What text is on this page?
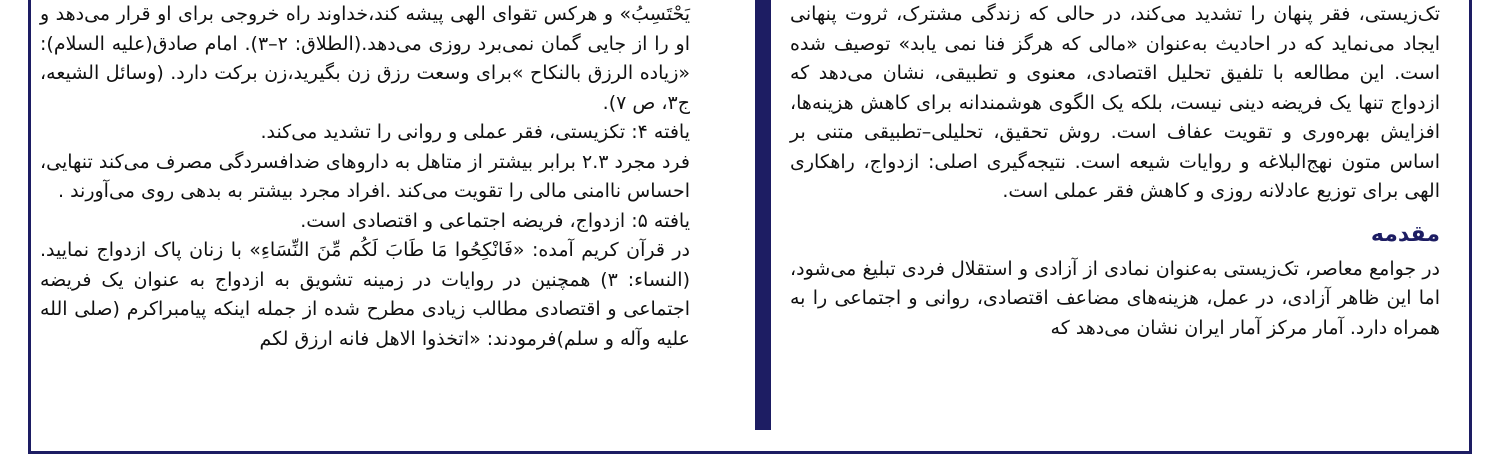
يَحْتَسِبُ» و هرکس تقوای الهی پیشه کند،خداوند راه خروجی برای او قرار می‌دهد و او را از جایی گمان نمی‌برد روزی می‌دهد.(الطلاق: ۲–۳). امام صادق(علیه السلام): «زیاده الرزق بالنکاح »برای وسعت رزق زن بگیرید،زن برکت دارد. (وسائل الشیعه، ج۳، ص ۷).

یافته ۴: تکزیستی، فقر عملی و روانی را تشدید می‌کند.

فرد مجرد ۲.۳ برابر بیشتر از متاهل به داروهای ضدافسردگی مصرف می‌کند تنهایی، احساس ناامنی مالی را تقویت می‌کند .افراد مجرد بیشتر به بدهی روی می‌آورند .

یافته ۵: ازدواج، فریضه اجتماعی و اقتصادی است.

در قرآن کریم آمده: «فَانْکِحُوا مَا طَابَ لَکُم مِّنَ النِّسَاءِ» با زنان پاک ازدواج نمایید. (النساء: ۳) همچنین در روایات در زمینه تشویق به ازدواج به عنوان یک فریضه اجتماعی و اقتصادی مطالب زیادی مطرح شده از جمله اینکه پیامبراکرم (صلی الله علیه وآله و سلم)فرمودند: «اتخذوا الاهل فانه ارزق لکم

تک‌زیستی، فقر پنهان را تشدید می‌کند، در حالی که زندگی مشترک، ثروت پنهانی ایجاد می‌نماید که در احادیث به‌عنوان «مالی که هرگز فنا نمی یابد» توصیف شده است. این مطالعه با تلفیق تحلیل اقتصادی، معنوی و تطبیقی، نشان می‌دهد که ازدواج تنها یک فریضه دینی نیست، بلکه یک الگوی هوشمندانه برای کاهش هزینه‌ها، افزایش بهره‌وری و تقویت عفاف است. روش تحقیق، تحلیلی–تطبیقی متنی بر اساس متون نهج‌البلاغه و روایات شیعه است. نتیجه‌گیری اصلی: ازدواج، راهکاری الهی برای توزیع عادلانه روزی و کاهش فقر عملی است.

مقدمه

در جوامع معاصر، تک‌زیستی به‌عنوان نمادی از آزادی و استقلال فردی تبلیغ می‌شود، اما این ظاهر آزادی، در عمل، هزینه‌های مضاعف اقتصادی، روانی و اجتماعی را به همراه دارد. آمار مرکز آمار ایران نشان می‌دهد که
